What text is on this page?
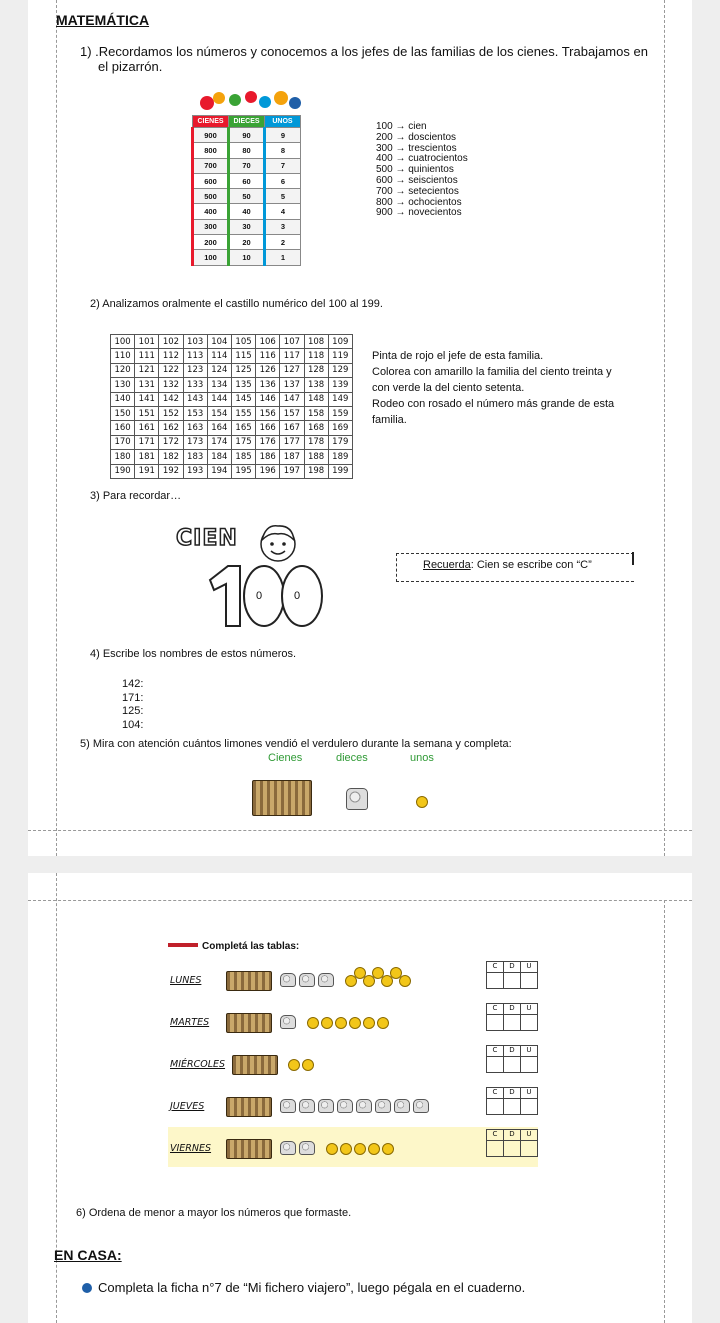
MATEMÁTICA
1) .Recordamos los números y conocemos a los jefes de las familias de los cienes. Trabajamos en
el pizarrón.
CIENES	DIECES	UNOS
900	90	9
800	80	8
700	70	7
600	60	6
500	50	5
400	40	4
300	30	3
200	20	2
100	10	1
100 → cien
200 → doscientos
300 → trescientos
400 → cuatrocientos
500 → quinientos
600 → seiscientos
700 → setecientos
800 → ochocientos
900 → novecientos
2) Analizamos oralmente el castillo numérico del 100 al 199.
100	101	102	103	104	105	106	107	108	109
110	111	112	113	114	115	116	117	118	119
120	121	122	123	124	125	126	127	128	129
130	131	132	133	134	135	136	137	138	139
140	141	142	143	144	145	146	147	148	149
150	151	152	153	154	155	156	157	158	159
160	161	162	163	164	165	166	167	168	169
170	171	172	173	174	175	176	177	178	179
180	181	182	183	184	185	186	187	188	189
190	191	192	193	194	195	196	197	198	199
Pinta de rojo el jefe de esta familia.
Colorea con amarillo la familia del ciento treinta y
con verde la del ciento setenta.
Rodeo con rosado el número más grande de esta
familia.
3) Para recordar…
CIEN
0	0
Recuerda: Cien se escribe con “C”
4) Escribe los nombres de estos números.
142:
171:
125:
104:
5) Mira con atención cuántos limones vendió el verdulero durante la semana y completa:
Cienes	dieces	unos
Completá las tablas:
LUNES
C	D	U

MARTES
C	D	U

MIÉRCOLES
C	D	U

JUEVES
C	D	U

VIERNES
C	D	U

6) Ordena de menor a mayor los números que formaste.
EN CASA:
Completa la ficha n°7 de “Mi fichero viajero”, luego pégala en el cuaderno.
